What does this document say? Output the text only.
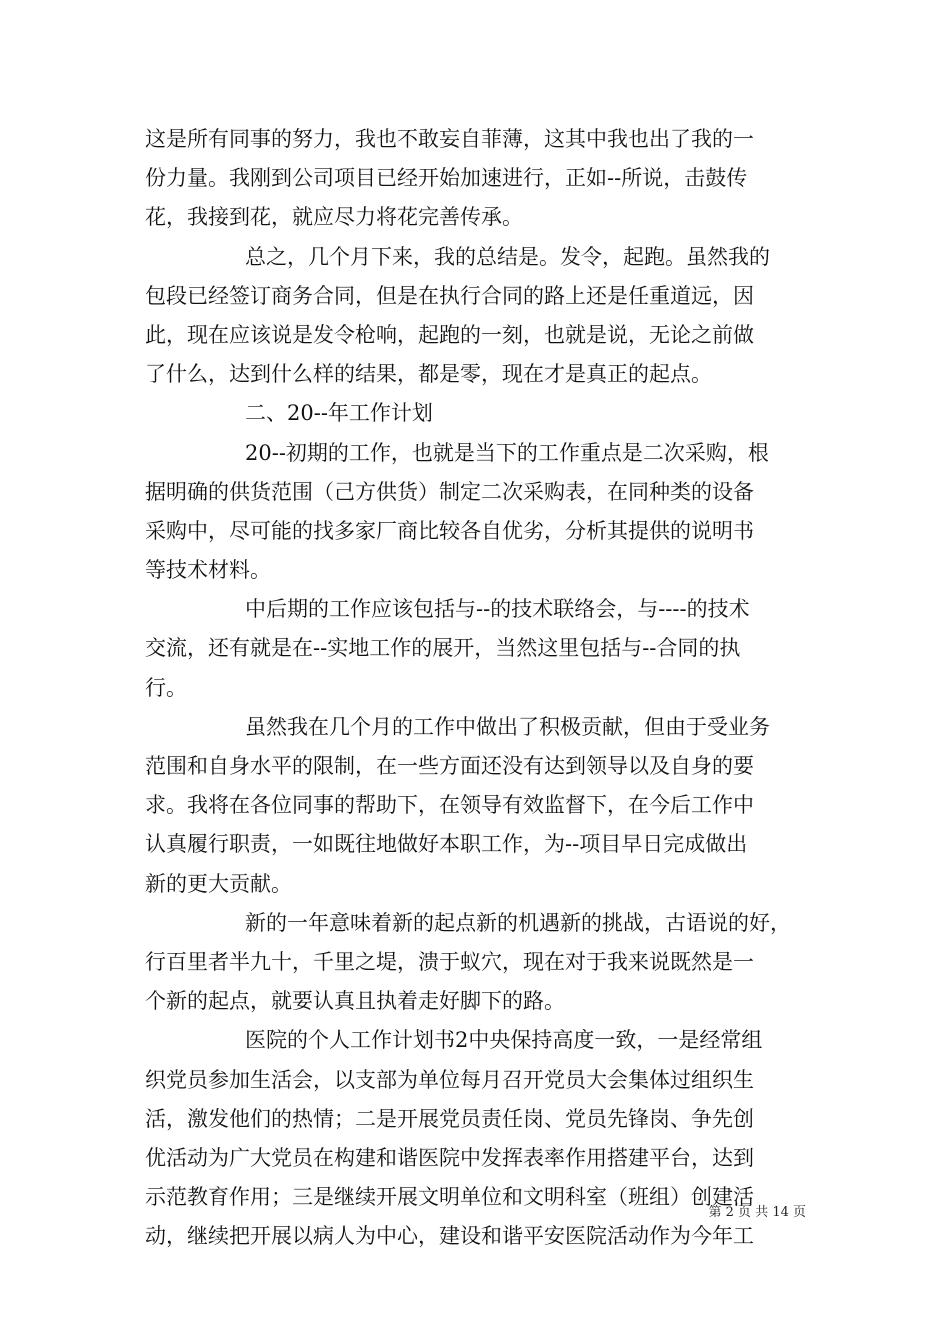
这是所有同事的努力，我也不敢妄自菲薄，这其中我也出了我的一
份力量。我刚到公司项目已经开始加速进行，正如--所说，击鼓传
花，我接到花，就应尽力将花完善传承。
总之，几个月下来，我的总结是。发令，起跑。虽然我的
包段已经签订商务合同，但是在执行合同的路上还是任重道远，因
此，现在应该说是发令枪响，起跑的一刻，也就是说，无论之前做
了什么，达到什么样的结果，都是零，现在才是真正的起点。
二、20--年工作计划
20--初期的工作，也就是当下的工作重点是二次采购，根
据明确的供货范围（己方供货）制定二次采购表，在同种类的设备
采购中，尽可能的找多家厂商比较各自优劣，分析其提供的说明书
等技术材料。
中后期的工作应该包括与--的技术联络会，与----的技术
交流，还有就是在--实地工作的展开，当然这里包括与--合同的执
行。
虽然我在几个月的工作中做出了积极贡献，但由于受业务
范围和自身水平的限制，在一些方面还没有达到领导以及自身的要
求。我将在各位同事的帮助下，在领导有效监督下，在今后工作中
认真履行职责，一如既往地做好本职工作，为--项目早日完成做出
新的更大贡献。
新的一年意味着新的起点新的机遇新的挑战，古语说的好，
行百里者半九十，千里之堤，溃于蚁穴，现在对于我来说既然是一
个新的起点，就要认真且执着走好脚下的路。
医院的个人工作计划书2中央保持高度一致，一是经常组
织党员参加生活会，以支部为单位每月召开党员大会集体过组织生
活，激发他们的热情；二是开展党员责任岗、党员先锋岗、争先创
优活动为广大党员在构建和谐医院中发挥表率作用搭建平台，达到
示范教育作用；三是继续开展文明单位和文明科室（班组）创建活
动，继续把开展以病人为中心，建设和谐平安医院活动作为今年工
第 2 页 共 14 页
